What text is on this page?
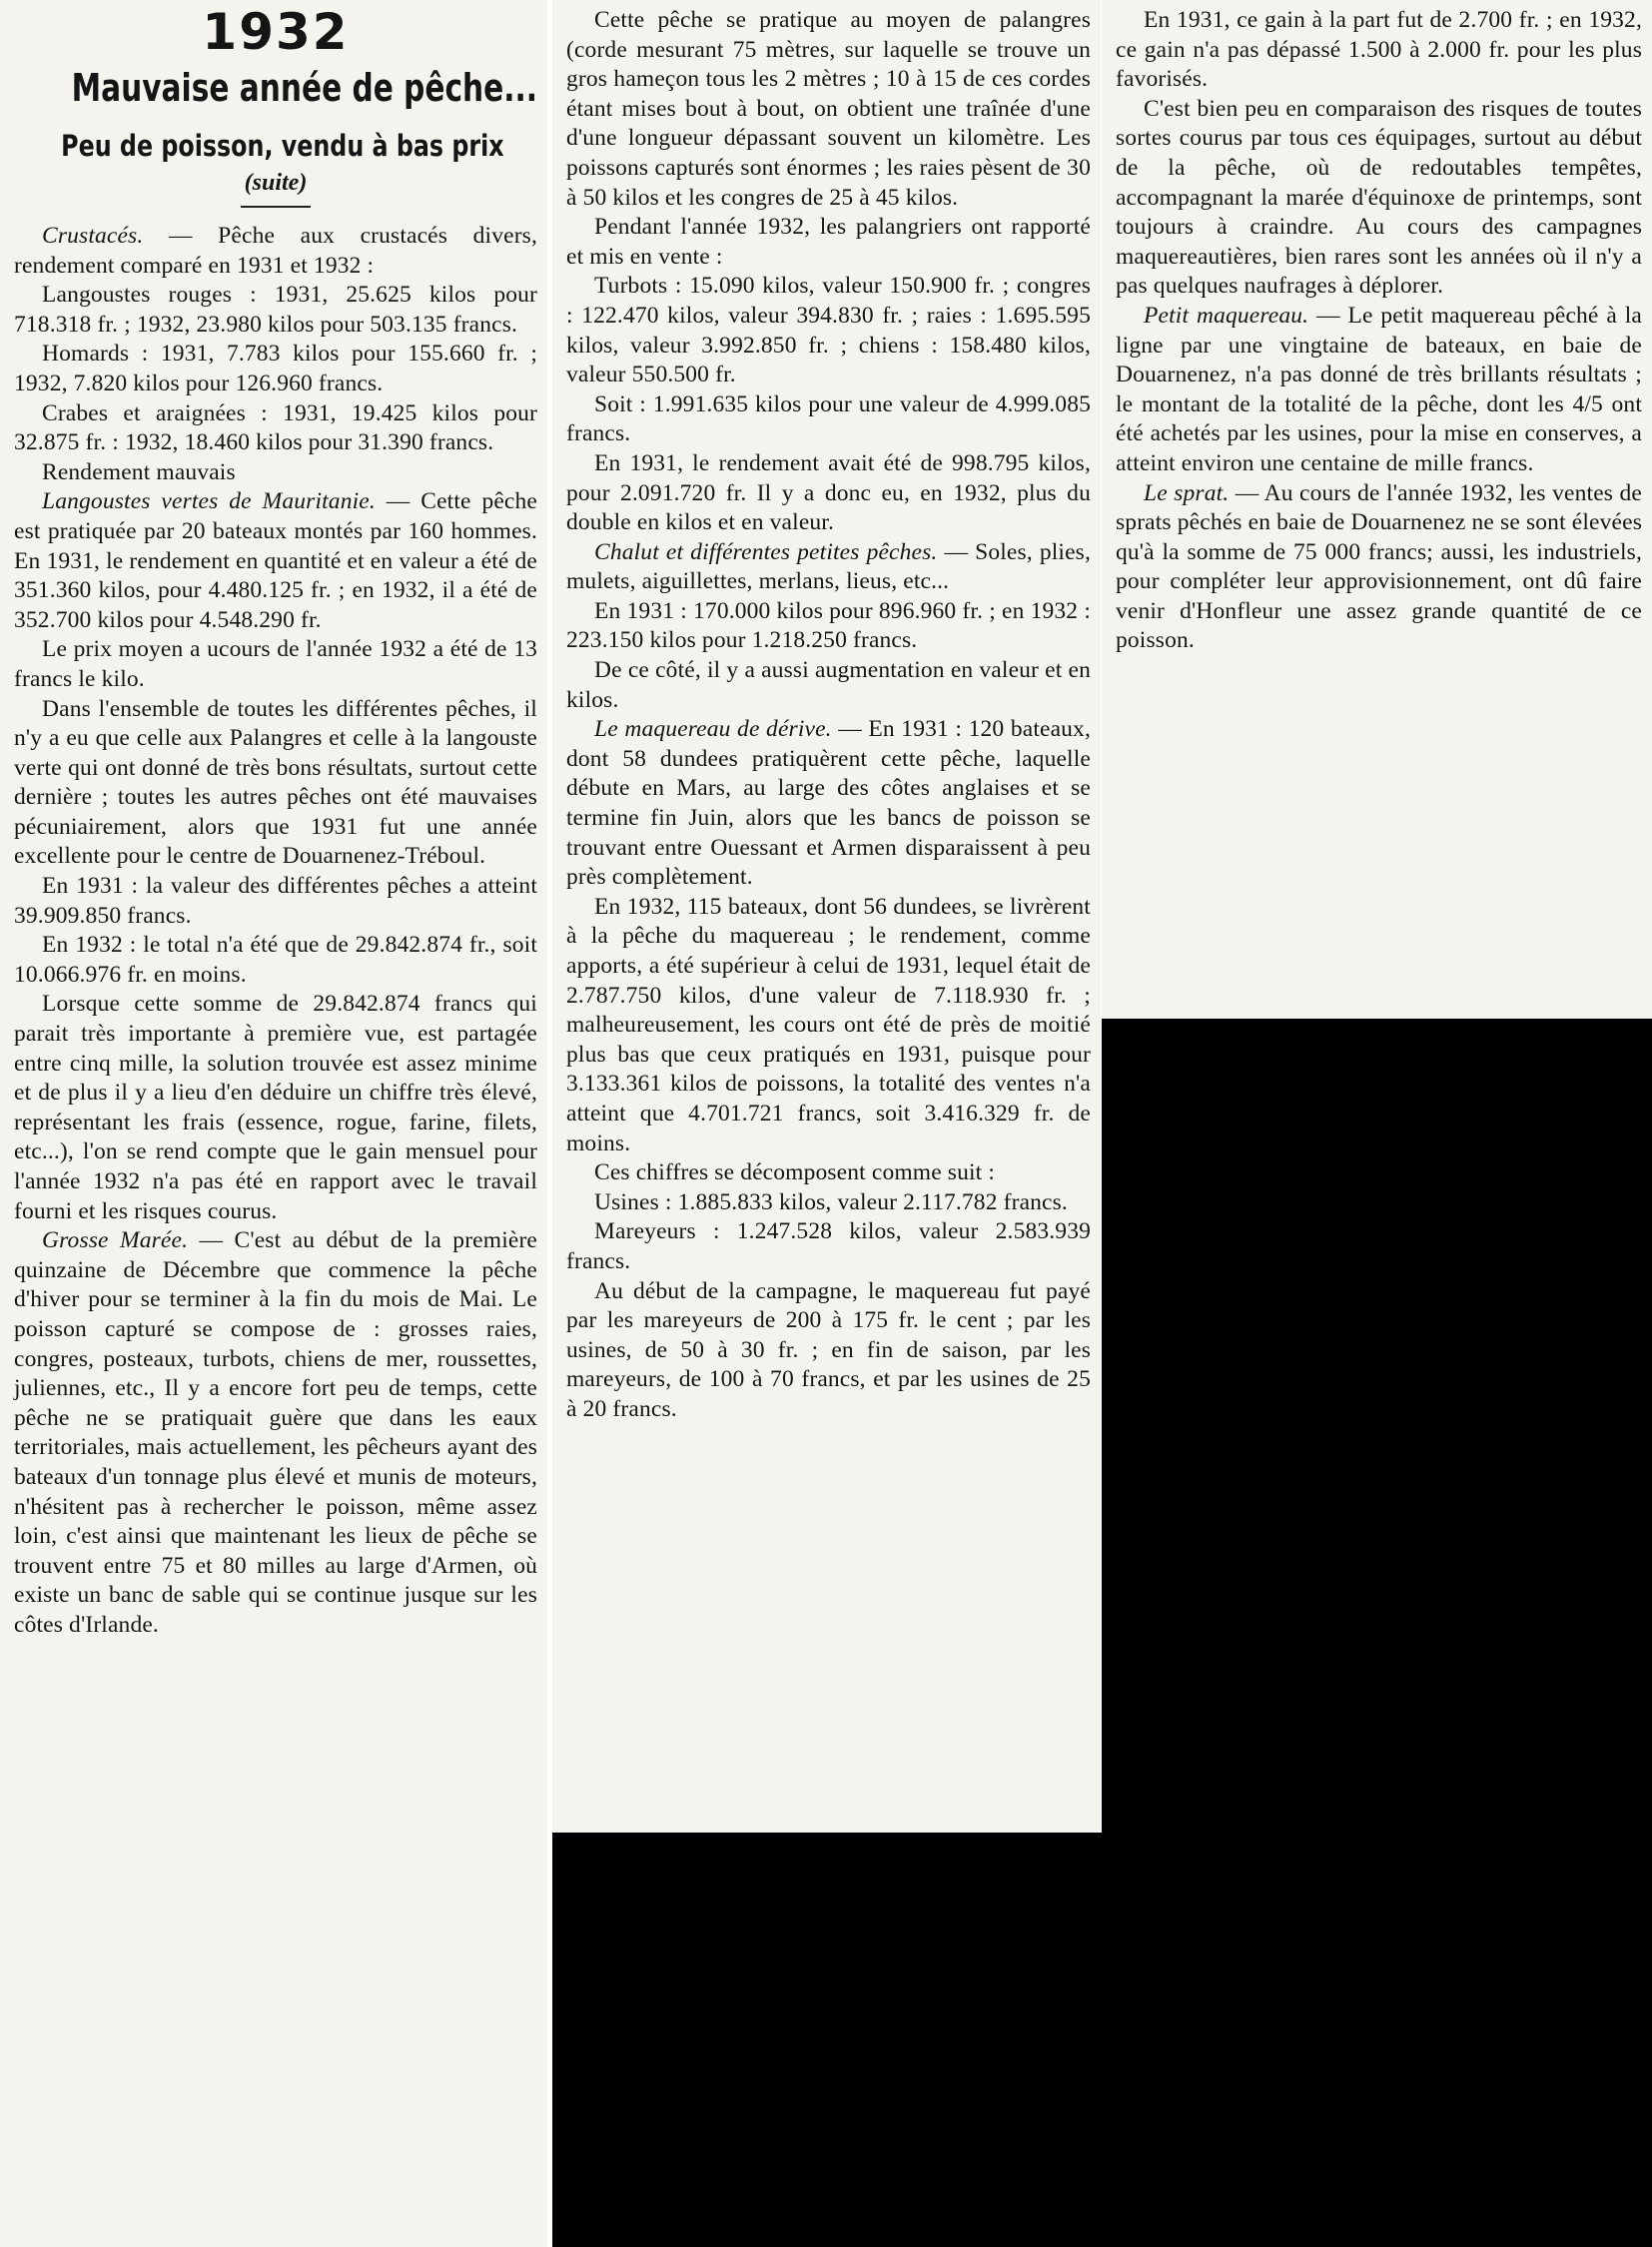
1932
Mauvaise année de pêche...
Peu de poisson, vendu à bas prix
(suite)

Crustacés. — Pêche aux crustacés divers, rendement comparé en 1931 et 1932 :

Langoustes rouges : 1931, 25.625 kilos pour 718.318 fr. ; 1932, 23.980 kilos pour 503.135 francs.

Homards : 1931, 7.783 kilos pour 155.660 fr. ; 1932, 7.820 kilos pour 126.960 francs.

Crabes et araignées : 1931, 19.425 kilos pour 32.875 fr. : 1932, 18.460 kilos pour 31.390 francs.

Rendement mauvais

Langoustes vertes de Mauritanie. — Cette pêche est pratiquée par 20 bateaux montés par 160 hommes. En 1931, le rendement en quantité et en valeur a été de 351.360 kilos, pour 4.480.125 fr. ; en 1932, il a été de 352.700 kilos pour 4.548.290 fr.

Le prix moyen a ucours de l'année 1932 a été de 13 francs le kilo.

Dans l'ensemble de toutes les différentes pêches, il n'y a eu que celle aux Palangres et celle à la langouste verte qui ont donné de très bons résultats, surtout cette dernière ; toutes les autres pêches ont été mauvaises pécuniairement, alors que 1931 fut une année excellente pour le centre de Douarnenez-Tréboul.

En 1931 : la valeur des différentes pêches a atteint 39.909.850 francs.

En 1932 : le total n'a été que de 29.842.874 fr., soit 10.066.976 fr. en moins.

Lorsque cette somme de 29.842.874 francs qui parait très importante à première vue, est partagée entre cinq mille, la solution trouvée est assez minime et de plus il y a lieu d'en déduire un chiffre très élevé, représentant les frais (essence, rogue, farine, filets, etc...), l'on se rend compte que le gain mensuel pour l'année 1932 n'a pas été en rapport avec le travail fourni et les risques courus.

Grosse Marée. — C'est au début de la première quinzaine de Décembre que commence la pêche d'hiver pour se terminer à la fin du mois de Mai. Le poisson capturé se compose de : grosses raies, congres, posteaux, turbots, chiens de mer, roussettes, juliennes, etc., Il y a encore fort peu de temps, cette pêche ne se pratiquait guère que dans les eaux territoriales, mais actuellement, les pêcheurs ayant des bateaux d'un tonnage plus élevé et munis de moteurs, n'hésitent pas à rechercher le poisson, même assez loin, c'est ainsi que maintenant les lieux de pêche se trouvent entre 75 et 80 milles au large d'Armen, où existe un banc de sable qui se continue jusque sur les côtes d'Irlande.

Cette pêche se pratique au moyen de palangres (corde mesurant 75 mètres, sur laquelle se trouve un gros hameçon tous les 2 mètres ; 10 à 15 de ces cordes étant mises bout à bout, on obtient une traînée d'une d'une longueur dépassant souvent un kilomètre. Les poissons capturés sont énormes ; les raies pèsent de 30 à 50 kilos et les congres de 25 à 45 kilos.

Pendant l'année 1932, les palangriers ont rapporté et mis en vente :

Turbots : 15.090 kilos, valeur 150.900 fr. ; congres : 122.470 kilos, valeur 394.830 fr. ; raies : 1.695.595 kilos, valeur 3.992.850 fr. ; chiens : 158.480 kilos, valeur 550.500 fr.

Soit : 1.991.635 kilos pour une valeur de 4.999.085 francs.

En 1931, le rendement avait été de 998.795 kilos, pour 2.091.720 fr. Il y a donc eu, en 1932, plus du double en kilos et en valeur.

Chalut et différentes petites pêches. — Soles, plies, mulets, aiguillettes, merlans, lieus, etc...

En 1931 : 170.000 kilos pour 896.960 fr. ; en 1932 : 223.150 kilos pour 1.218.250 francs.

De ce côté, il y a aussi augmentation en valeur et en kilos.

Le maquereau de dérive. — En 1931 : 120 bateaux, dont 58 dundees pratiquèrent cette pêche, laquelle débute en Mars, au large des côtes anglaises et se termine fin Juin, alors que les bancs de poisson se trouvant entre Ouessant et Armen disparaissent à peu près complètement.

En 1932, 115 bateaux, dont 56 dundees, se livrèrent à la pêche du maquereau ; le rendement, comme apports, a été supérieur à celui de 1931, lequel était de 2.787.750 kilos, d'une valeur de 7.118.930 fr. ; malheureusement, les cours ont été de près de moitié plus bas que ceux pratiqués en 1931, puisque pour 3.133.361 kilos de poissons, la totalité des ventes n'a atteint que 4.701.721 francs, soit 3.416.329 fr. de moins.

Ces chiffres se décomposent comme suit :

Usines : 1.885.833 kilos, valeur 2.117.782 francs.

Mareyeurs : 1.247.528 kilos, valeur 2.583.939 francs.

Au début de la campagne, le maquereau fut payé par les mareyeurs de 200 à 175 fr. le cent ; par les usines, de 50 à 30 fr. ; en fin de saison, par les mareyeurs, de 100 à 70 francs, et par les usines de 25 à 20 francs.

En 1931, ce gain à la part fut de 2.700 fr. ; en 1932, ce gain n'a pas dépassé 1.500 à 2.000 fr. pour les plus favorisés.

C'est bien peu en comparaison des risques de toutes sortes courus par tous ces équipages, surtout au début de la pêche, où de redoutables tempêtes, accompagnant la marée d'équinoxe de printemps, sont toujours à craindre. Au cours des campagnes maquereautières, bien rares sont les années où il n'y a pas quelques naufrages à déplorer.

Petit maquereau. — Le petit maquereau pêché à la ligne par une vingtaine de bateaux, en baie de Douarnenez, n'a pas donné de très brillants résultats ; le montant de la totalité de la pêche, dont les 4/5 ont été achetés par les usines, pour la mise en conserves, a atteint environ une centaine de mille francs.

Le sprat. — Au cours de l'année 1932, les ventes de sprats pêchés en baie de Douarnenez ne se sont élevées qu'à la somme de 75 000 francs; aussi, les industriels, pour compléter leur approvisionnement, ont dû faire venir d'Honfleur une assez grande quantité de ce poisson.
